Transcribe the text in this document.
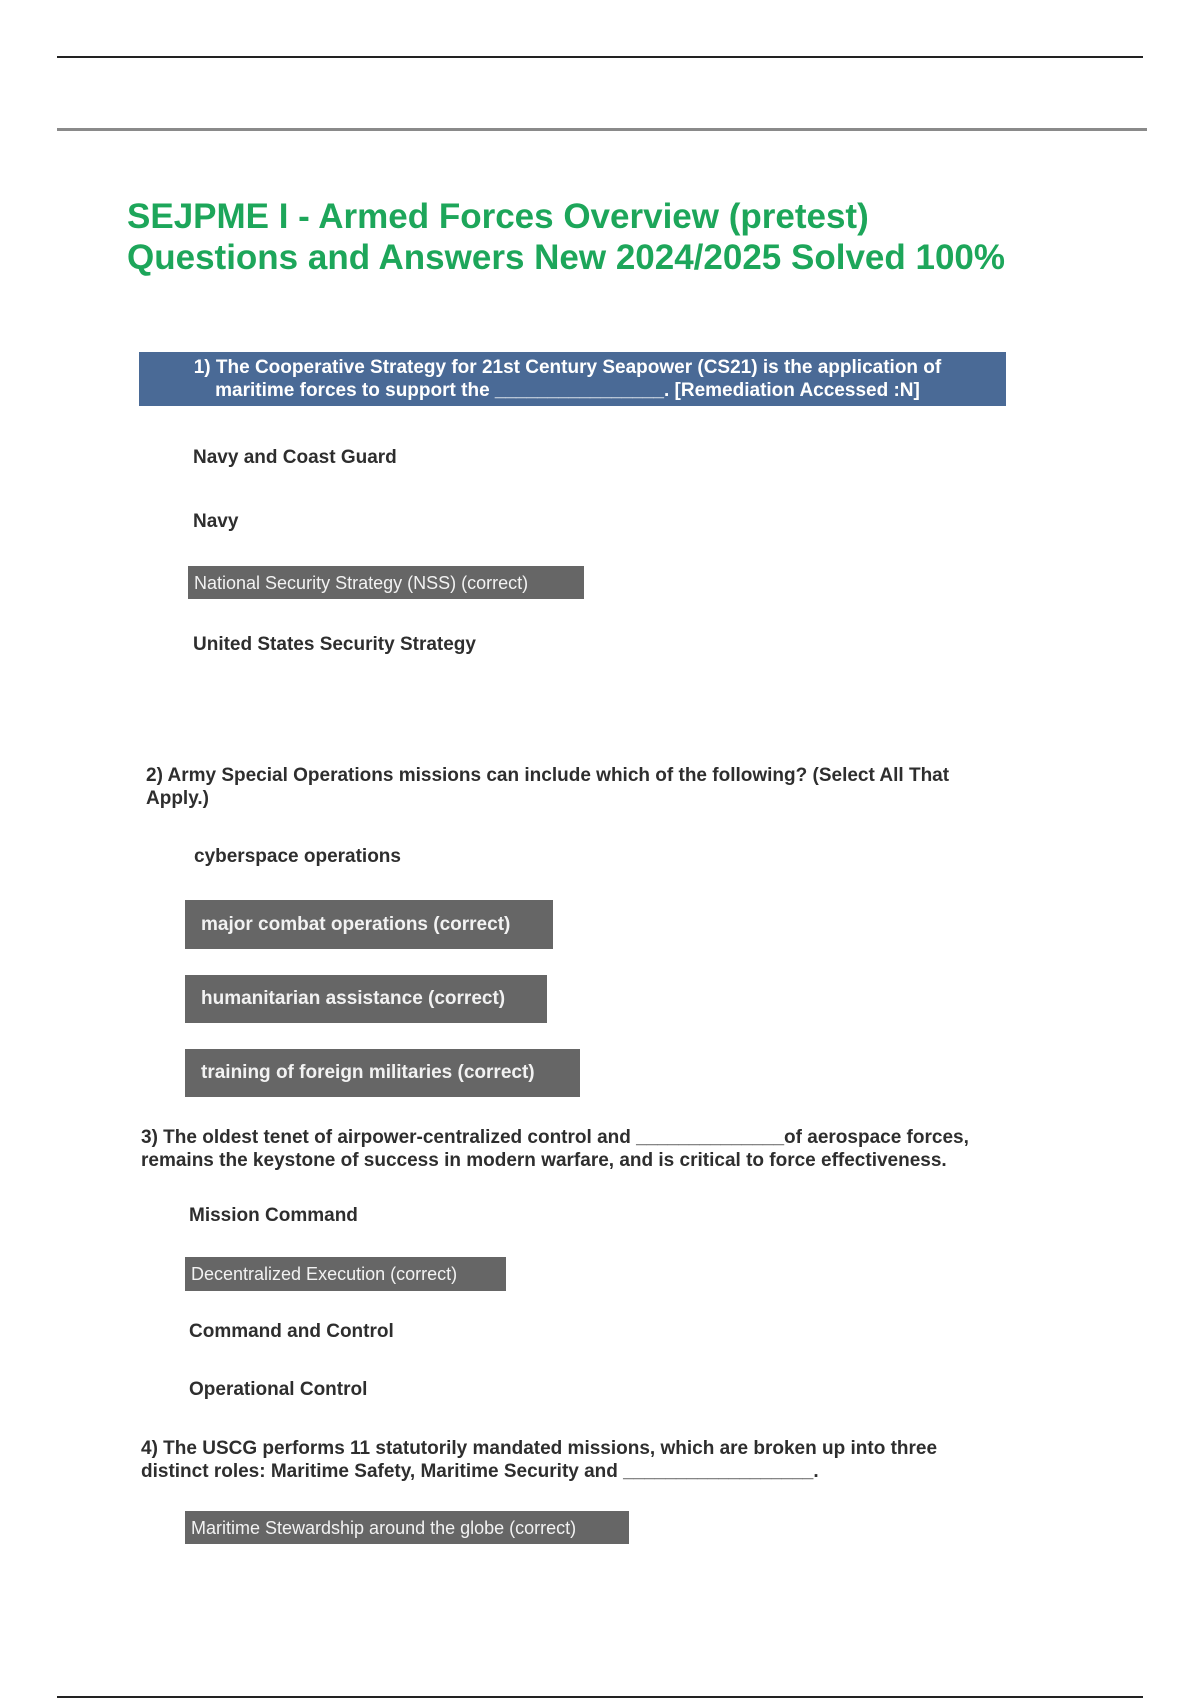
SEJPME I - Armed Forces Overview (pretest)
Questions and Answers New 2024/2025 Solved 100%
1) The Cooperative Strategy for 21st Century Seapower (CS21) is the application of
maritime forces to support the ________________. [Remediation Accessed :N]
Navy and Coast Guard
Navy
National Security Strategy (NSS) (correct)
United States Security Strategy
2) Army Special Operations missions can include which of the following? (Select All That
Apply.)
cyberspace operations
major combat operations (correct)
humanitarian assistance (correct)
training of foreign militaries (correct)
3) The oldest tenet of airpower-centralized control and ______________of aerospace forces,
remains the keystone of success in modern warfare, and is critical to force effectiveness.
Mission Command
Decentralized Execution (correct)
Command and Control
Operational Control
4) The USCG performs 11 statutorily mandated missions, which are broken up into three
distinct roles: Maritime Safety, Maritime Security and __________________.
Maritime Stewardship around the globe (correct)
